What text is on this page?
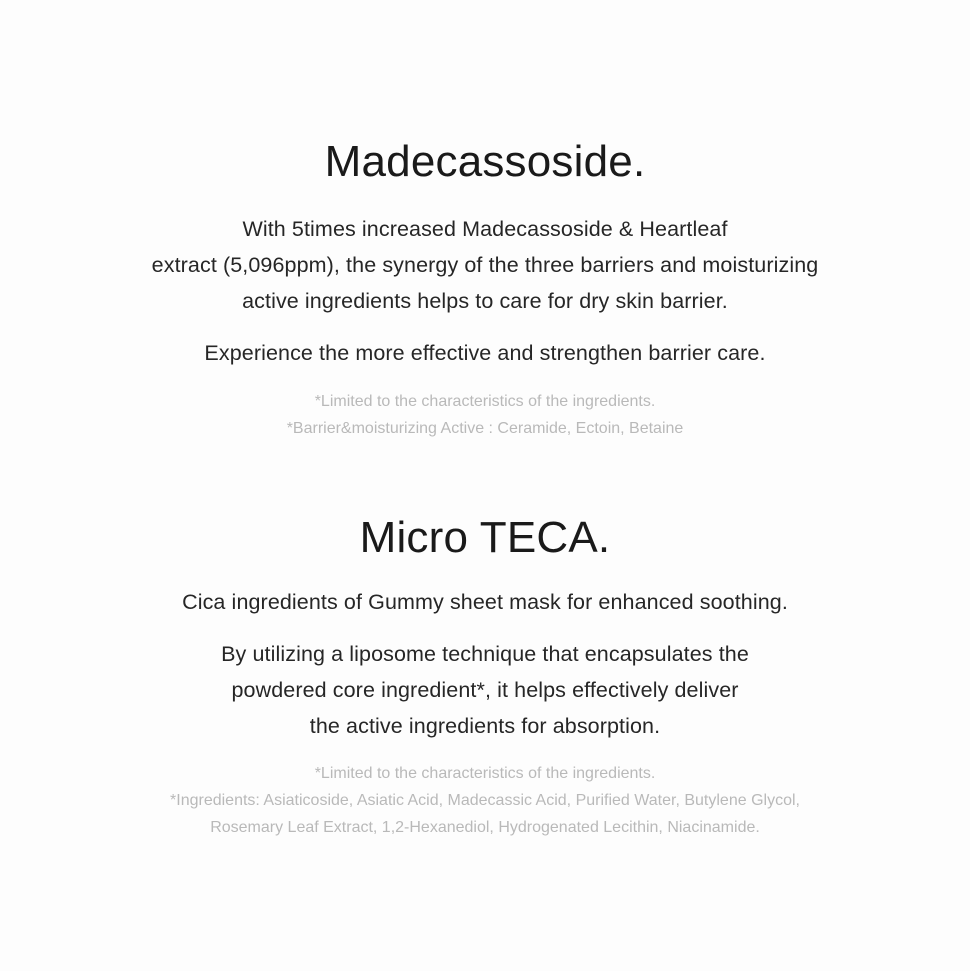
Madecassoside.

With 5times increased Madecassoside & Heartleaf

extract (5,096ppm), the synergy of the three barriers and moisturizing

active ingredients helps to care for dry skin barrier.

Experience the more effective and strengthen barrier care.

*Limited to the characteristics of the ingredients.

*Barrier&moisturizing Active : Ceramide, Ectoin, Betaine

Micro TECA.

Cica ingredients of Gummy sheet mask for enhanced soothing.

By utilizing a liposome technique that encapsulates the

powdered core ingredient*, it helps effectively deliver

the active ingredients for absorption.

*Limited to the characteristics of the ingredients.

*Ingredients: Asiaticoside, Asiatic Acid, Madecassic Acid, Purified Water, Butylene Glycol,

Rosemary Leaf Extract, 1,2-Hexanediol, Hydrogenated Lecithin, Niacinamide.
